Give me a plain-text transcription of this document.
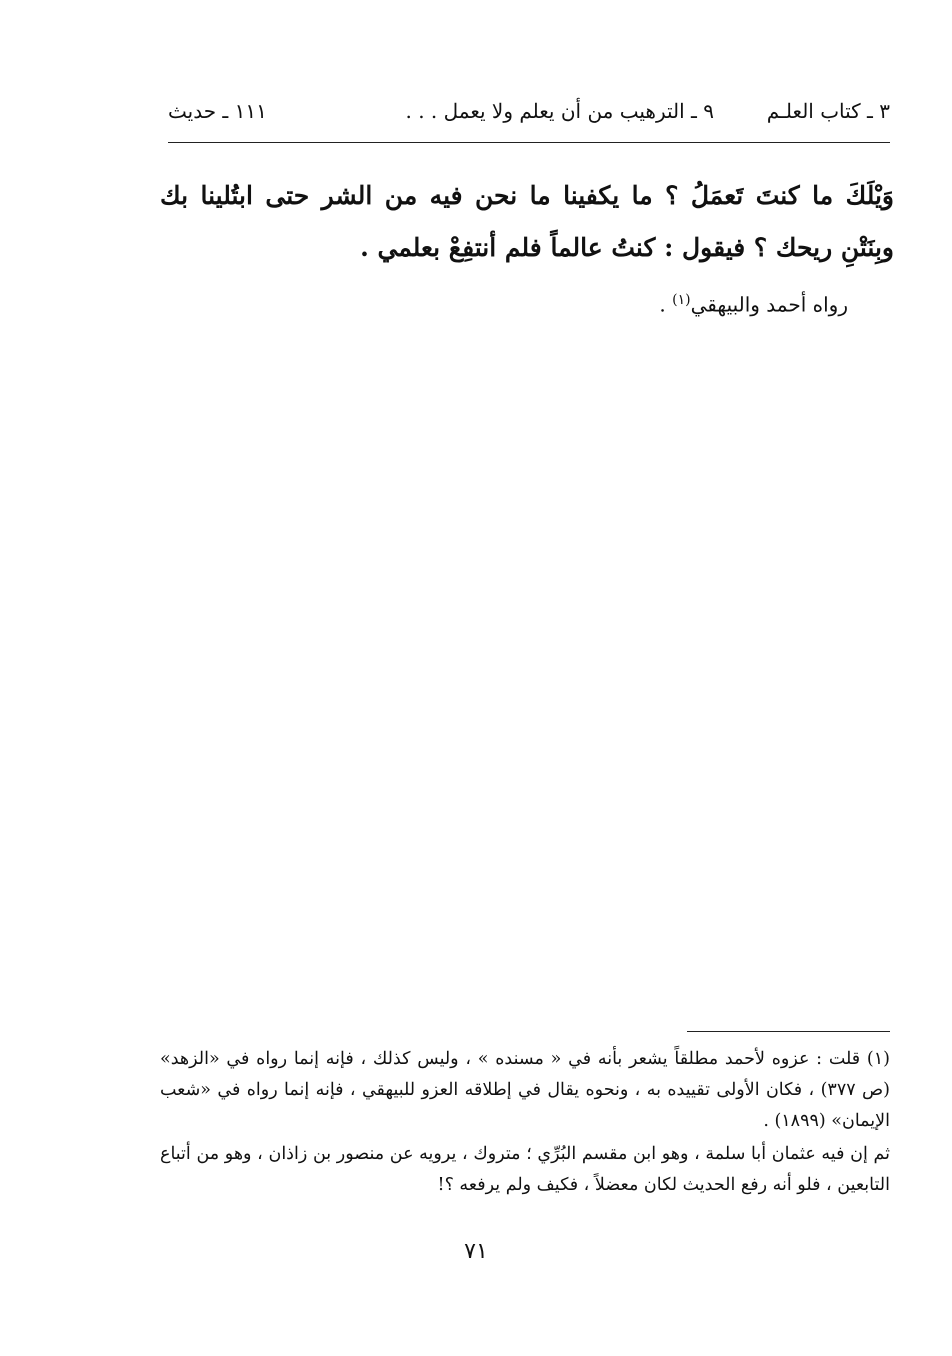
٣ ـ كتاب العلـم
٩ ـ الترهيب من أن يعلم ولا يعمل . . .
١١١ ـ حديث
وَيْلَكَ ما كنتَ تَعمَلُ ؟ ما يكفينا ما نحن فيه من الشر حتى ابتُلينا بك وبِنَتْنِ ريحك ؟ فيقول : كنتُ عالماً فلم أنتفِعْ بعلمي .
رواه أحمد والبيهقي$^{(١)}$ .

(١) قلت : عزوه لأحمد مطلقاً يشعر بأنه في « مسنده » ، وليس كذلك ، فإنه إنما رواه في «الزهد» (ص ٣٧٧) ، فكان الأولى تقييده به ، ونحوه يقال في إطلاقه العزو للبيهقي ، فإنه إنما رواه في «شعب الإيمان» (١٨٩٩) .

ثم إن فيه عثمان أبا سلمة ، وهو ابن مقسم البُرِّي ؛ متروك ، يرويه عن منصور بن زاذان ، وهو من أتباع التابعين ، فلو أنه رفع الحديث لكان معضلاً ، فكيف ولم يرفعه ؟!

٧١
